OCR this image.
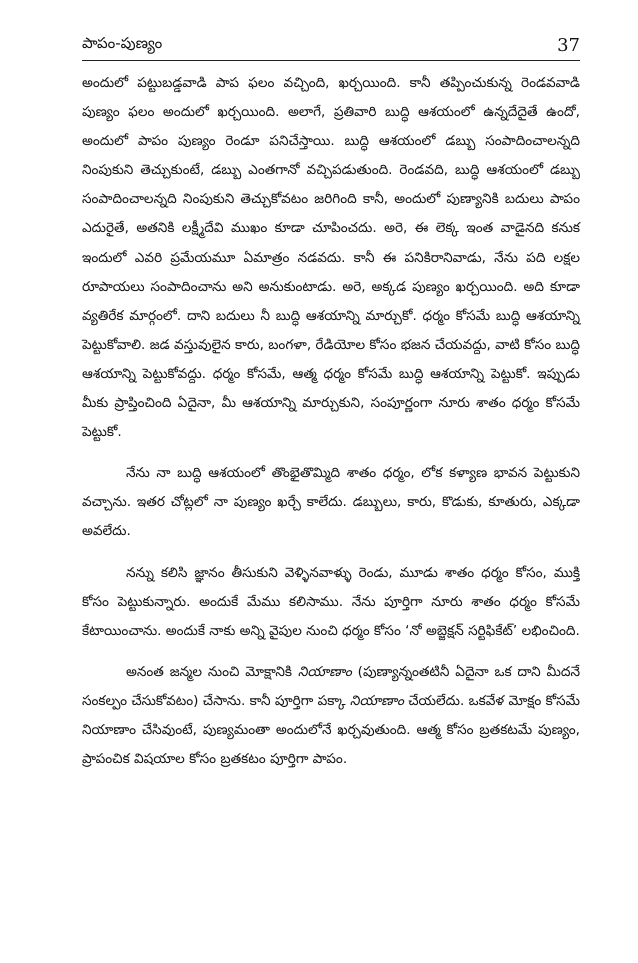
పాపం-పుణ్యం	37

అందులో పట్టుబడ్డవాడి పాప ఫలం వచ్చింది, ఖర్చయింది. కానీ తప్పించుకున్న రెండవవాడి పుణ్యం ఫలం అందులో ఖర్చయింది. అలాగే, ప్రతివారి బుద్ధి ఆశయంలో ఉన్నదేదైతే ఉందో, అందులో పాపం పుణ్యం రెండూ పనిచేస్తాయి. బుద్ధి ఆశయంలో డబ్బు సంపాదించాలన్నది నింపుకుని తెచ్చుకుంటే, డబ్బు ఎంతగానో వచ్చిపడుతుంది. రెండవది, బుద్ధి ఆశయంలో డబ్బు సంపాదించాలన్నది నింపుకుని తెచ్చుకోవటం జరిగింది కానీ, అందులో పుణ్యానికి బదులు పాపం ఎదురైతే, అతనికి లక్ష్మీదేవి ముఖం కూడా చూపించదు. అరె, ఈ లెక్క ఇంత వాడైనది కనుక ఇందులో ఎవరి ప్రమేయమూ ఏమాత్రం నడవదు. కానీ ఈ పనికిరానివాడు, నేను పది లక్షల రూపాయలు సంపాదించాను అని అనుకుంటాడు. అరె, అక్కడ పుణ్యం ఖర్చయింది. అది కూడా వ్యతిరేక మార్గంలో. దాని బదులు నీ బుద్ధి ఆశయాన్ని మార్చుకో. ధర్మం కోసమే బుద్ధి ఆశయాన్ని పెట్టుకోవాలి. జడ వస్తువులైన కారు, బంగళా, రేడియోల కోసం భజన చేయవద్దు, వాటి కోసం బుద్ధి ఆశయాన్ని పెట్టుకోవద్దు. ధర్మం కోసమే, ఆత్మ ధర్మం కోసమే బుద్ధి ఆశయాన్ని పెట్టుకో. ఇప్పుడు మీకు ప్రాప్తించింది ఏదైనా, మీ ఆశయాన్ని మార్చుకుని, సంపూర్ణంగా నూరు శాతం ధర్మం కోసమే పెట్టుకో.

నేను నా బుద్ధి ఆశయంలో తొంభైతొమ్మిది శాతం ధర్మం, లోక కళ్యాణ భావన పెట్టుకుని వచ్చాను. ఇతర చోట్లలో నా పుణ్యం ఖర్చే కాలేదు. డబ్బులు, కారు, కొడుకు, కూతురు, ఎక్కడా అవలేదు.

నన్ను కలిసి జ్ఞానం తీసుకుని వెళ్ళినవాళ్ళు రెండు, మూడు శాతం ధర్మం కోసం, ముక్తి కోసం పెట్టుకున్నారు. అందుకే మేము కలిసాము. నేను పూర్తిగా నూరు శాతం ధర్మం కోసమే కేటాయించాను. అందుకే నాకు అన్ని వైపుల నుంచి ధర్మం కోసం ‘నో అబ్జెక్షన్ సర్టిఫికేట్’ లభించింది.

అనంత జన్మల నుంచి మోక్షానికి నియాణాం (పుణ్యాన్నంతటినీ ఏదైనా ఒక దాని మీదనే సంకల్పం చేసుకోవటం) చేసాను. కానీ పూర్తిగా పక్కా నియాణాం చేయలేదు. ఒకవేళ మోక్షం కోసమే నియాణాం చేసివుంటే, పుణ్యమంతా అందులోనే ఖర్చవుతుంది. ఆత్మ కోసం బ్రతకటమే పుణ్యం, ప్రాపంచిక విషయాల కోసం బ్రతకటం పూర్తిగా పాపం.
